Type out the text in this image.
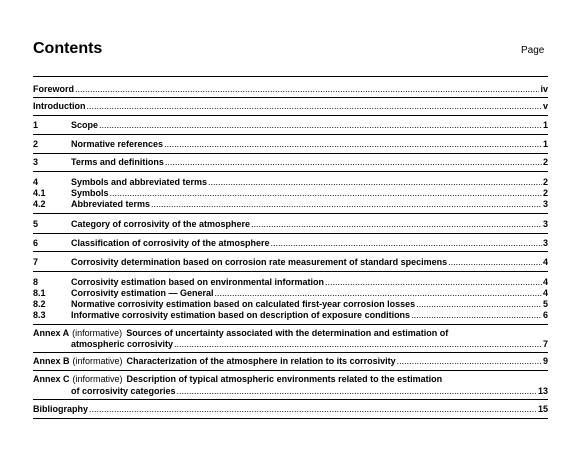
Contents	Page
Foreword .....	iv
Introduction .....	v
1	Scope .....	1
2	Normative references .....	1
3	Terms and definitions .....	2
4	Symbols and abbreviated terms .....	2
4.1	Symbols .....	2
4.2	Abbreviated terms .....	3
5	Category of corrosivity of the atmosphere .....	3
6	Classification of corrosivity of the atmosphere .....	3
7	Corrosivity determination based on corrosion rate measurement of standard specimens .....	4
8	Corrosivity estimation based on environmental information .....	4
8.1	Corrosivity estimation — General .....	4
8.2	Normative corrosivity estimation based on calculated first-year corrosion losses .....	5
8.3	Informative corrosivity estimation based on description of exposure conditions .....	6
Annex A (informative) Sources of uncertainty associated with the determination and estimation of
atmospheric corrosivity .....	7
Annex B (informative) Characterization of the atmosphere in relation to its corrosivity .....	9
Annex C (informative) Description of typical atmospheric environments related to the estimation
of corrosivity categories .....	13
Bibliography .....	15
